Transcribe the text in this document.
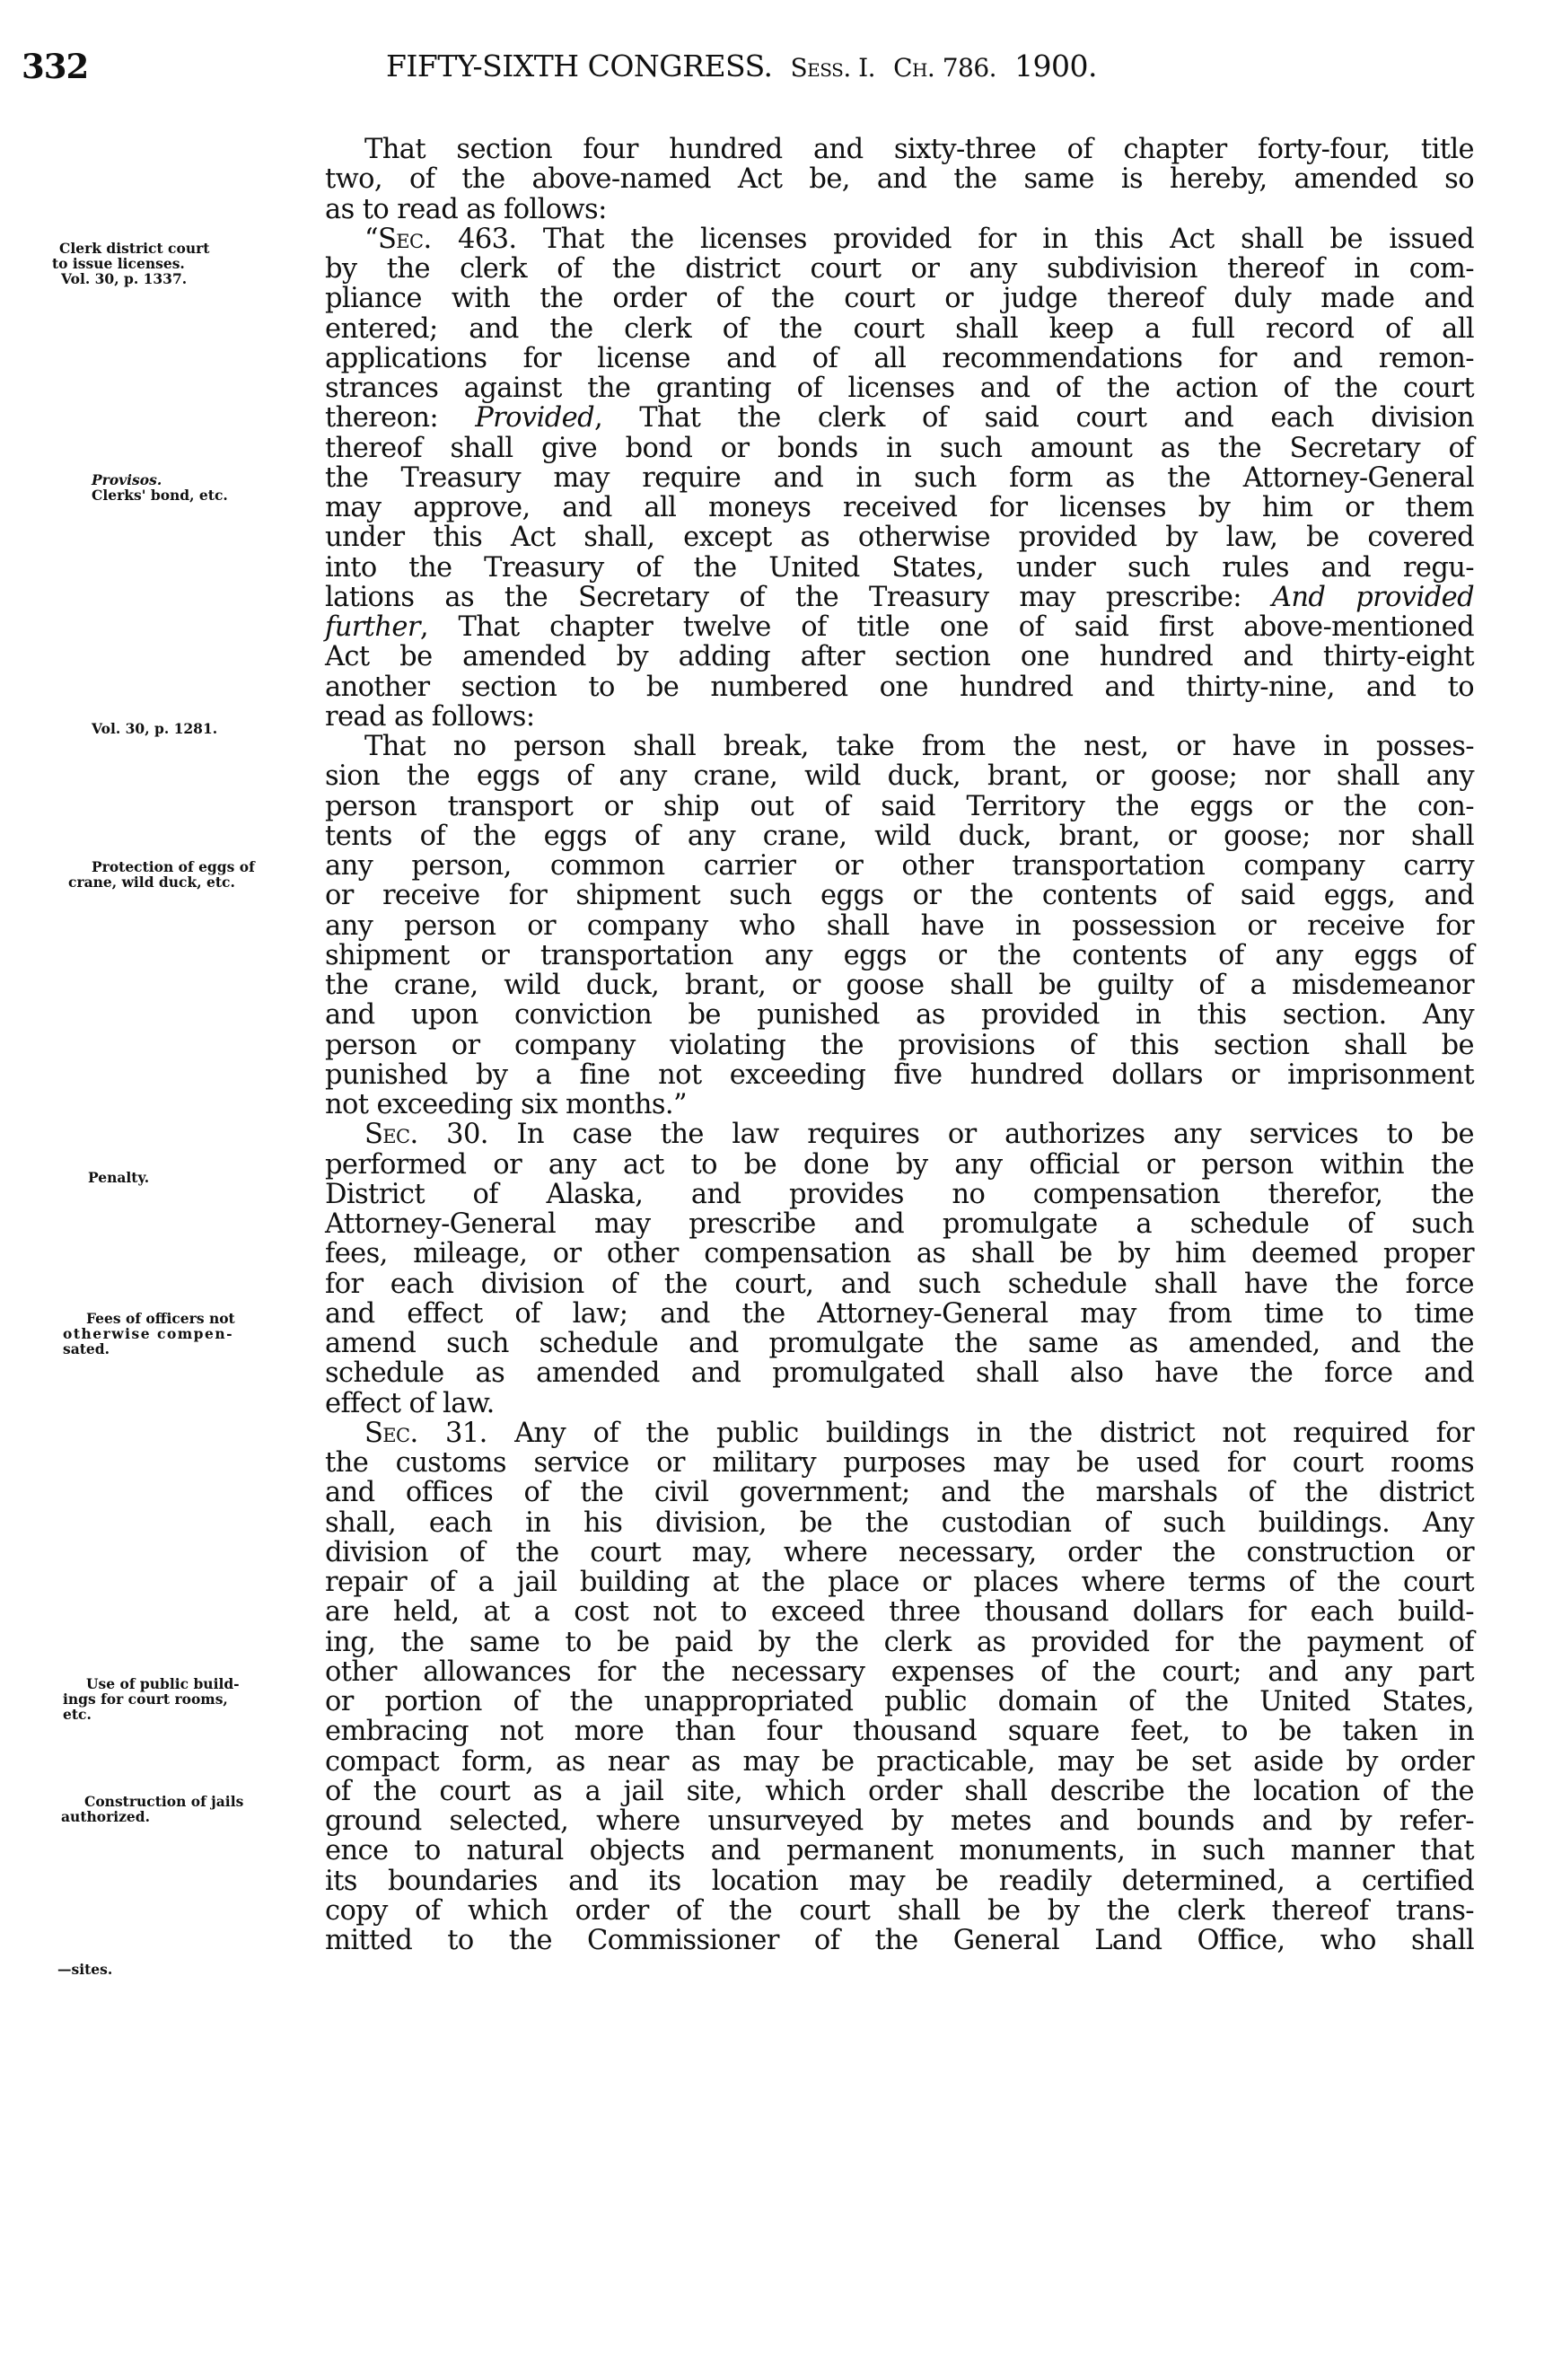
332	FIFTY-SIXTH CONGRESS. Sess. I. Ch. 786. 1900.
Clerk district court
to issue licenses.
Vol. 30, p. 1337.
Provisos.
Clerks' bond, etc.
Vol. 30, p. 1281.
Protection of eggs of
crane, wild duck, etc.
Penalty.
Fees of officers not
otherwise compen-
sated.
Use of public build-
ings for court rooms,
etc.
Construction of jails
authorized.
—sites.
That section four hundred and sixty-three of chapter forty-four, title
two, of the above-named Act be, and the same is hereby, amended so
as to read as follows:
“Sec. 463. That the licenses provided for in this Act shall be issued
by the clerk of the district court or any subdivision thereof in com-
pliance with the order of the court or judge thereof duly made and
entered; and the clerk of the court shall keep a full record of all
applications for license and of all recommendations for and remon-
strances against the granting of licenses and of the action of the court
thereon: Provided, That the clerk of said court and each division
thereof shall give bond or bonds in such amount as the Secretary of
the Treasury may require and in such form as the Attorney-General
may approve, and all moneys received for licenses by him or them
under this Act shall, except as otherwise provided by law, be covered
into the Treasury of the United States, under such rules and regu-
lations as the Secretary of the Treasury may prescribe: And provided
further, That chapter twelve of title one of said first above-mentioned
Act be amended by adding after section one hundred and thirty-eight
another section to be numbered one hundred and thirty-nine, and to
read as follows:
That no person shall break, take from the nest, or have in posses-
sion the eggs of any crane, wild duck, brant, or goose; nor shall any
person transport or ship out of said Territory the eggs or the con-
tents of the eggs of any crane, wild duck, brant, or goose; nor shall
any person, common carrier or other transportation company carry
or receive for shipment such eggs or the contents of said eggs, and
any person or company who shall have in possession or receive for
shipment or transportation any eggs or the contents of any eggs of
the crane, wild duck, brant, or goose shall be guilty of a misdemeanor
and upon conviction be punished as provided in this section. Any
person or company violating the provisions of this section shall be
punished by a fine not exceeding five hundred dollars or imprisonment
not exceeding six months.”
Sec. 30. In case the law requires or authorizes any services to be
performed or any act to be done by any official or person within the
District of Alaska, and provides no compensation therefor, the
Attorney-General may prescribe and promulgate a schedule of such
fees, mileage, or other compensation as shall be by him deemed proper
for each division of the court, and such schedule shall have the force
and effect of law; and the Attorney-General may from time to time
amend such schedule and promulgate the same as amended, and the
schedule as amended and promulgated shall also have the force and
effect of law.
Sec. 31. Any of the public buildings in the district not required for
the customs service or military purposes may be used for court rooms
and offices of the civil government; and the marshals of the district
shall, each in his division, be the custodian of such buildings. Any
division of the court may, where necessary, order the construction or
repair of a jail building at the place or places where terms of the court
are held, at a cost not to exceed three thousand dollars for each build-
ing, the same to be paid by the clerk as provided for the payment of
other allowances for the necessary expenses of the court; and any part
or portion of the unappropriated public domain of the United States,
embracing not more than four thousand square feet, to be taken in
compact form, as near as may be practicable, may be set aside by order
of the court as a jail site, which order shall describe the location of the
ground selected, where unsurveyed by metes and bounds and by refer-
ence to natural objects and permanent monuments, in such manner that
its boundaries and its location may be readily determined, a certified
copy of which order of the court shall be by the clerk thereof trans-
mitted to the Commissioner of the General Land Office, who shall
